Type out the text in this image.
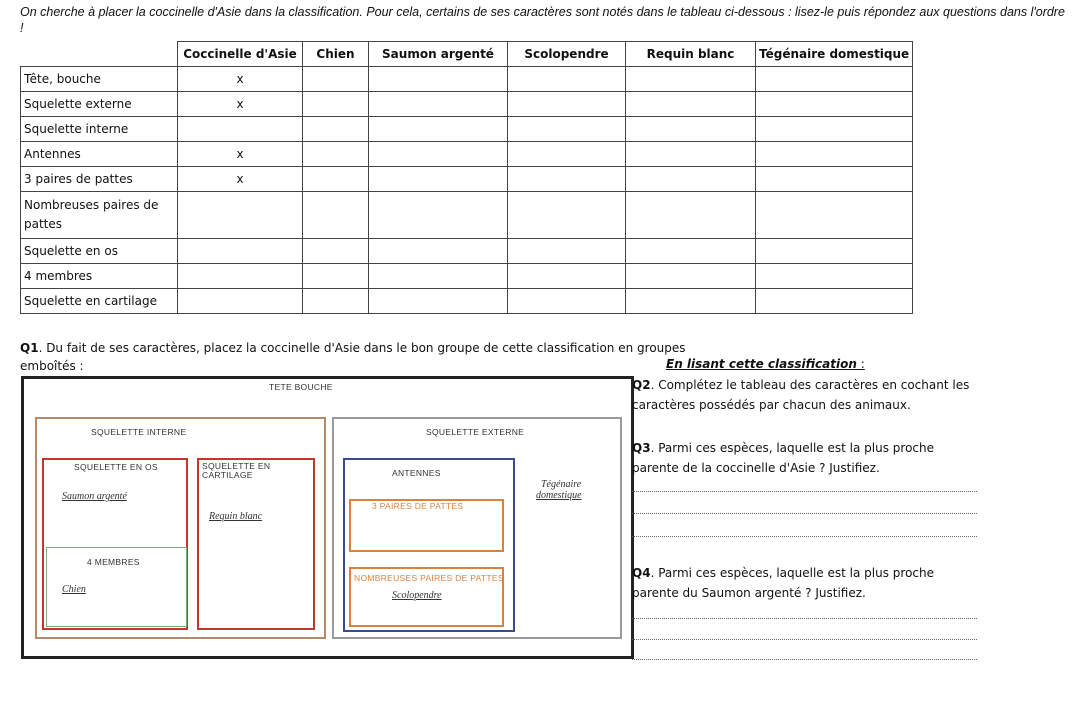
On cherche à placer la coccinelle d'Asie dans la classification. Pour cela, certains de ses caractères sont notés dans le tableau ci-dessous : lisez-le puis répondez aux questions dans l'ordre !
	Coccinelle d'Asie	Chien	Saumon argenté	Scolopendre	Requin blanc	Tégénaire domestique
Tête, bouche	x					
Squelette externe	x					
Squelette interne						
Antennes	x					
3 paires de pattes	x					
Nombreuses paires de pattes						
Squelette en os						
4 membres						
Squelette en cartilage						
Q1. Du fait de ses caractères, placez la coccinelle d'Asie dans le bon groupe de cette classification en groupes emboîtés :	En lisant cette classification :
TETE BOUCHE
SQUELETTE INTERNE	SQUELETTE EXTERNE
SQUELETTE EN OS	SQUELETTE EN CARTILAGE
4 MEMBRES
ANTENNES
3 PAIRES DE PATTES
NOMBREUSES PAIRES DE PATTES
Saumon argenté
Requin blanc
Chien
Scolopendre
Tégénaire
domestique
Q2. Complétez le tableau des caractères en cochant les caractères possédés par chacun des animaux.
Q3. Parmi ces espèces, laquelle est la plus proche parente de la coccinelle d'Asie ? Justifiez.
Q4. Parmi ces espèces, laquelle est la plus proche parente du Saumon argenté ? Justifiez.
